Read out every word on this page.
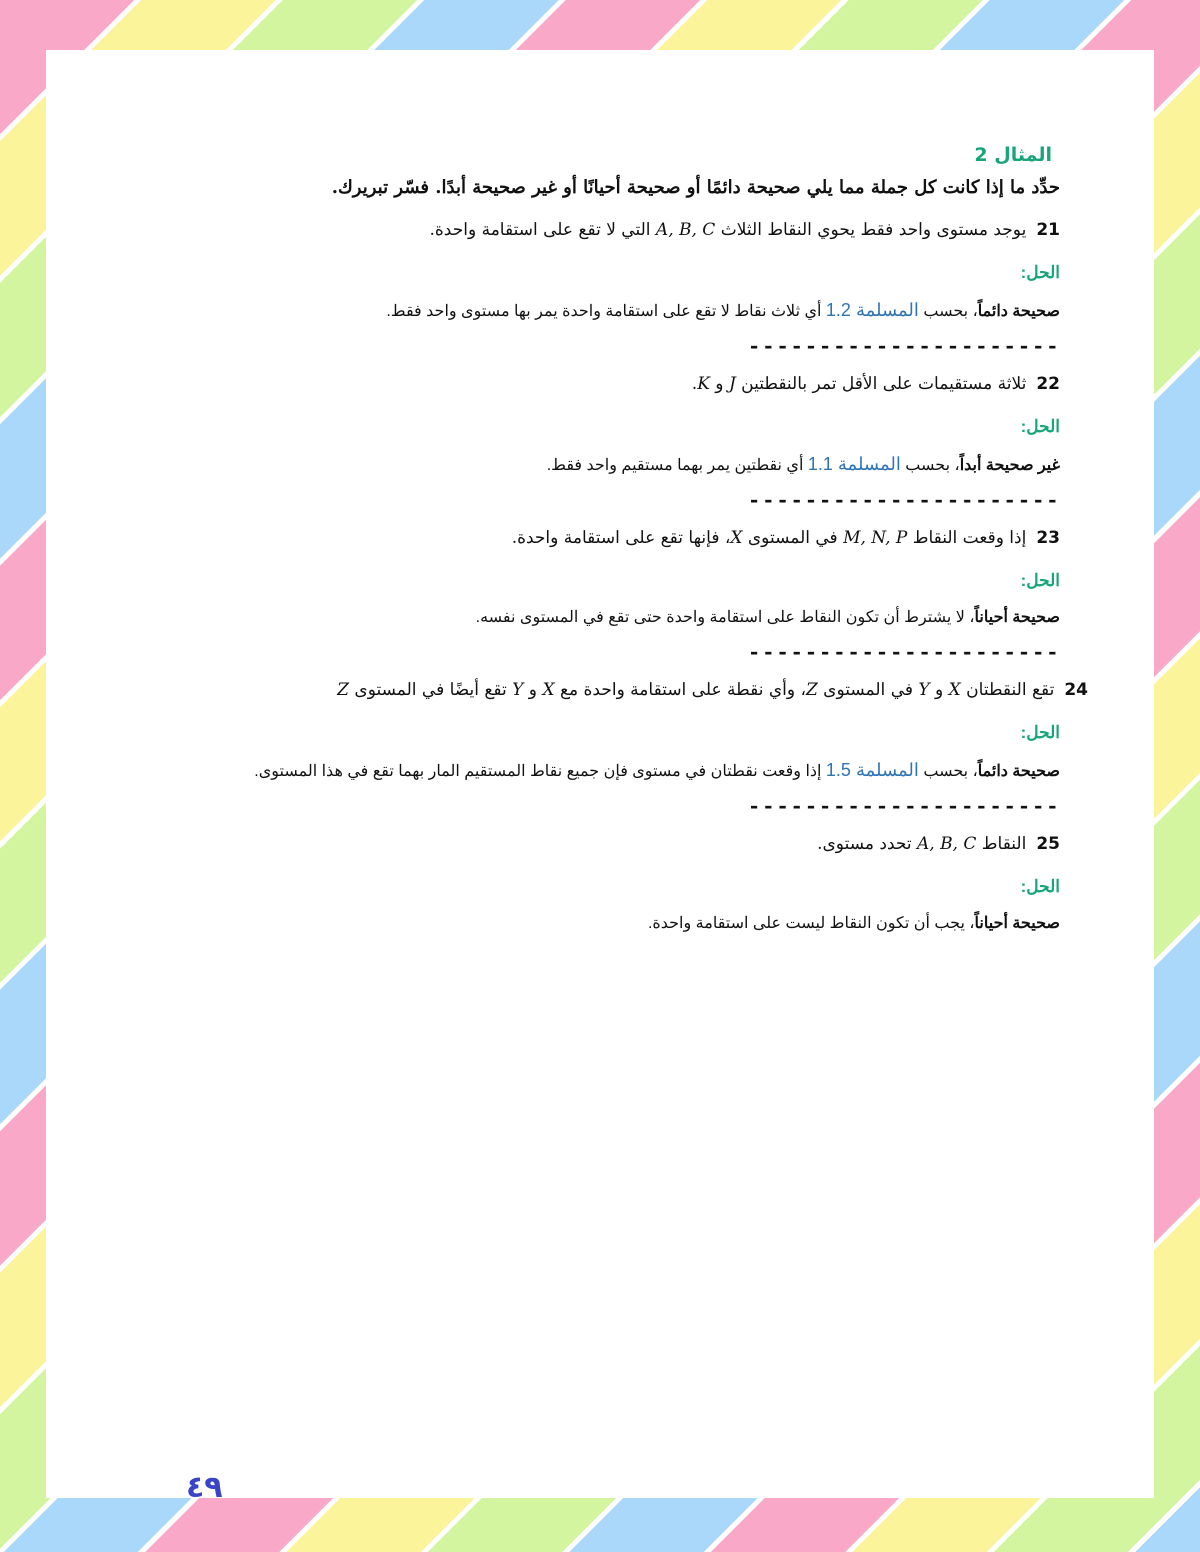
المثال 2
حدِّد ما إذا كانت كل جملة مما يلي صحيحة دائمًا أو صحيحة أحيانًا أو غير صحيحة أبدًا. فسّر تبريرك.
21يوجد مستوى واحد فقط يحوي النقاط الثلاث A, B, C التي لا تقع على استقامة واحدة.
الحل:
صحيحة دائماً، بحسب المسلمة 1.2 أي ثلاث نقاط لا تقع على استقامة واحدة يمر بها مستوى واحد فقط.
----------------------
22ثلاثة مستقيمات على الأقل تمر بالنقطتين J و K.
الحل:
غير صحيحة أبداً، بحسب المسلمة 1.1 أي نقطتين يمر بهما مستقيم واحد فقط.
----------------------
23إذا وقعت النقاط M, N, P في المستوى X، فإنها تقع على استقامة واحدة.
الحل:
صحيحة أحياناً، لا يشترط أن تكون النقاط على استقامة واحدة حتى تقع في المستوى نفسه.
----------------------
24تقع النقطتان X و Y في المستوى Z، وأي نقطة على استقامة واحدة مع X و Y تقع أيضًا في المستوى Z
الحل:
صحيحة دائماً، بحسب المسلمة 1.5 إذا وقعت نقطتان في مستوى فإن جميع نقاط المستقيم المار بهما تقع في هذا المستوى.
----------------------
25النقاط A, B, C تحدد مستوى.
الحل:
صحيحة أحياناً، يجب أن تكون النقاط ليست على استقامة واحدة.
٤٩
